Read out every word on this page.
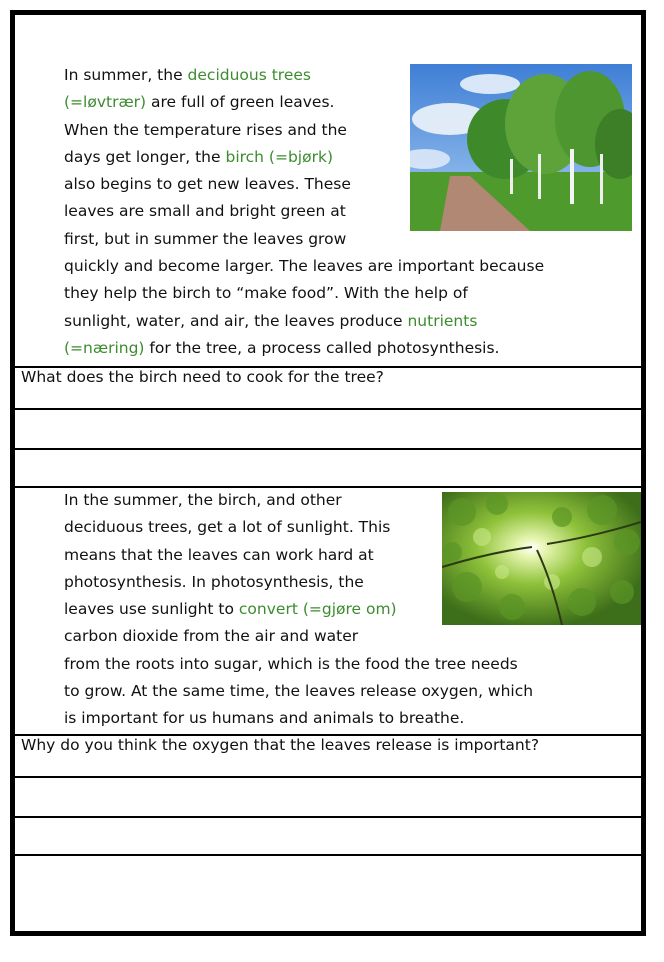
In summer, the deciduous trees
(=løvtrær) are full of green leaves.
When the temperature rises and the
days get longer, the birch (=bjørk)
also begins to get new leaves. These
leaves are small and bright green at
first, but in summer the leaves grow
quickly and become larger. The leaves are important because
they help the birch to “make food”. With the help of
sunlight, water, and air, the leaves produce nutrients
(=næring) for the tree, a process called photosynthesis.
What does the birch need to cook for the tree?
In the summer, the birch, and other
deciduous trees, get a lot of sunlight. This
means that the leaves can work hard at
photosynthesis. In photosynthesis, the
leaves use sunlight to convert (=gjøre om)
carbon dioxide from the air and water
from the roots into sugar, which is the food the tree needs
to grow. At the same time, the leaves release oxygen, which
is important for us humans and animals to breathe.
Why do you think the oxygen that the leaves release is important?
